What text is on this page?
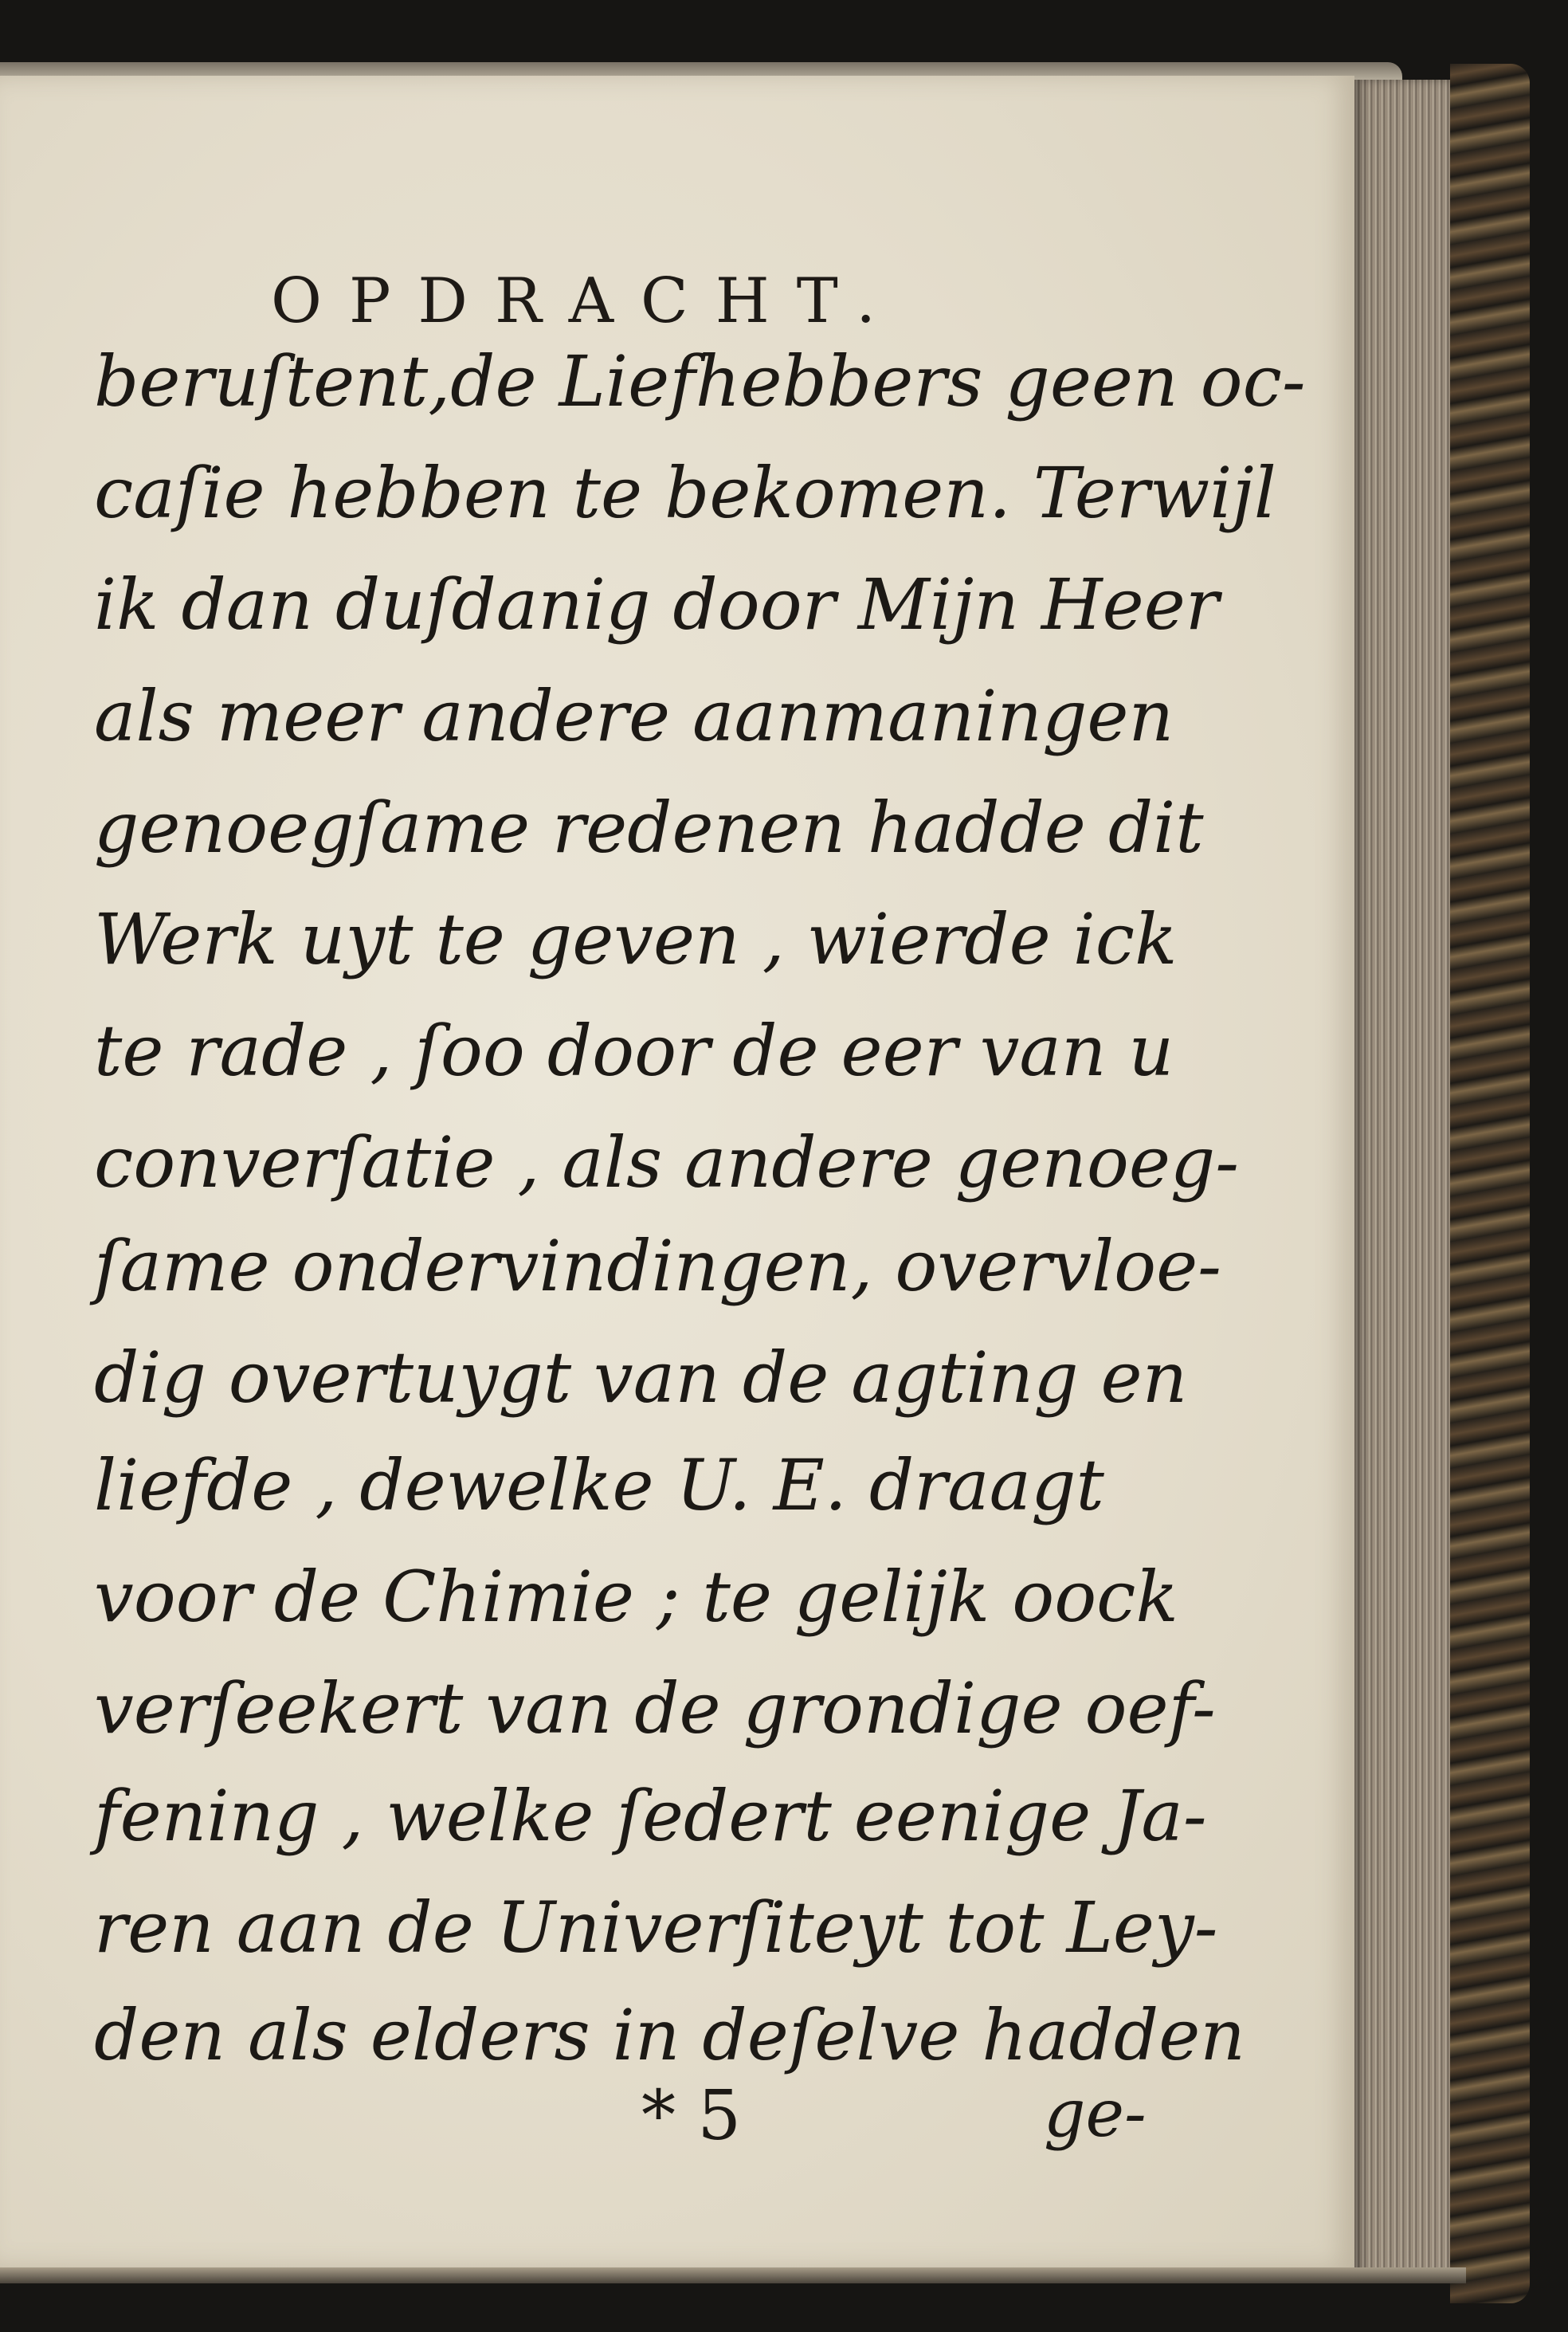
OPDRACHT.
beruſtent,de Liefhebbers geen oc-
caſie hebben te bekomen. Terwijl
ik dan duſdanig door Mijn Heer
als meer andere aanmaningen
genoegſame redenen hadde dit
Werk uyt te geven , wierde ick
te rade , ſoo door de eer van u
converſatie , als andere genoeg-
ſame ondervindingen, overvloe-
dig overtuygt van de agting en
liefde , dewelke U. E. draagt
voor de Chimie ; te gelijk oock
verſeekert van de grondige oef-
fening , welke ſedert eenige Ja-
ren aan de Univerſiteyt tot Ley-
den als elders in deſelve hadden
* 5	ge-
